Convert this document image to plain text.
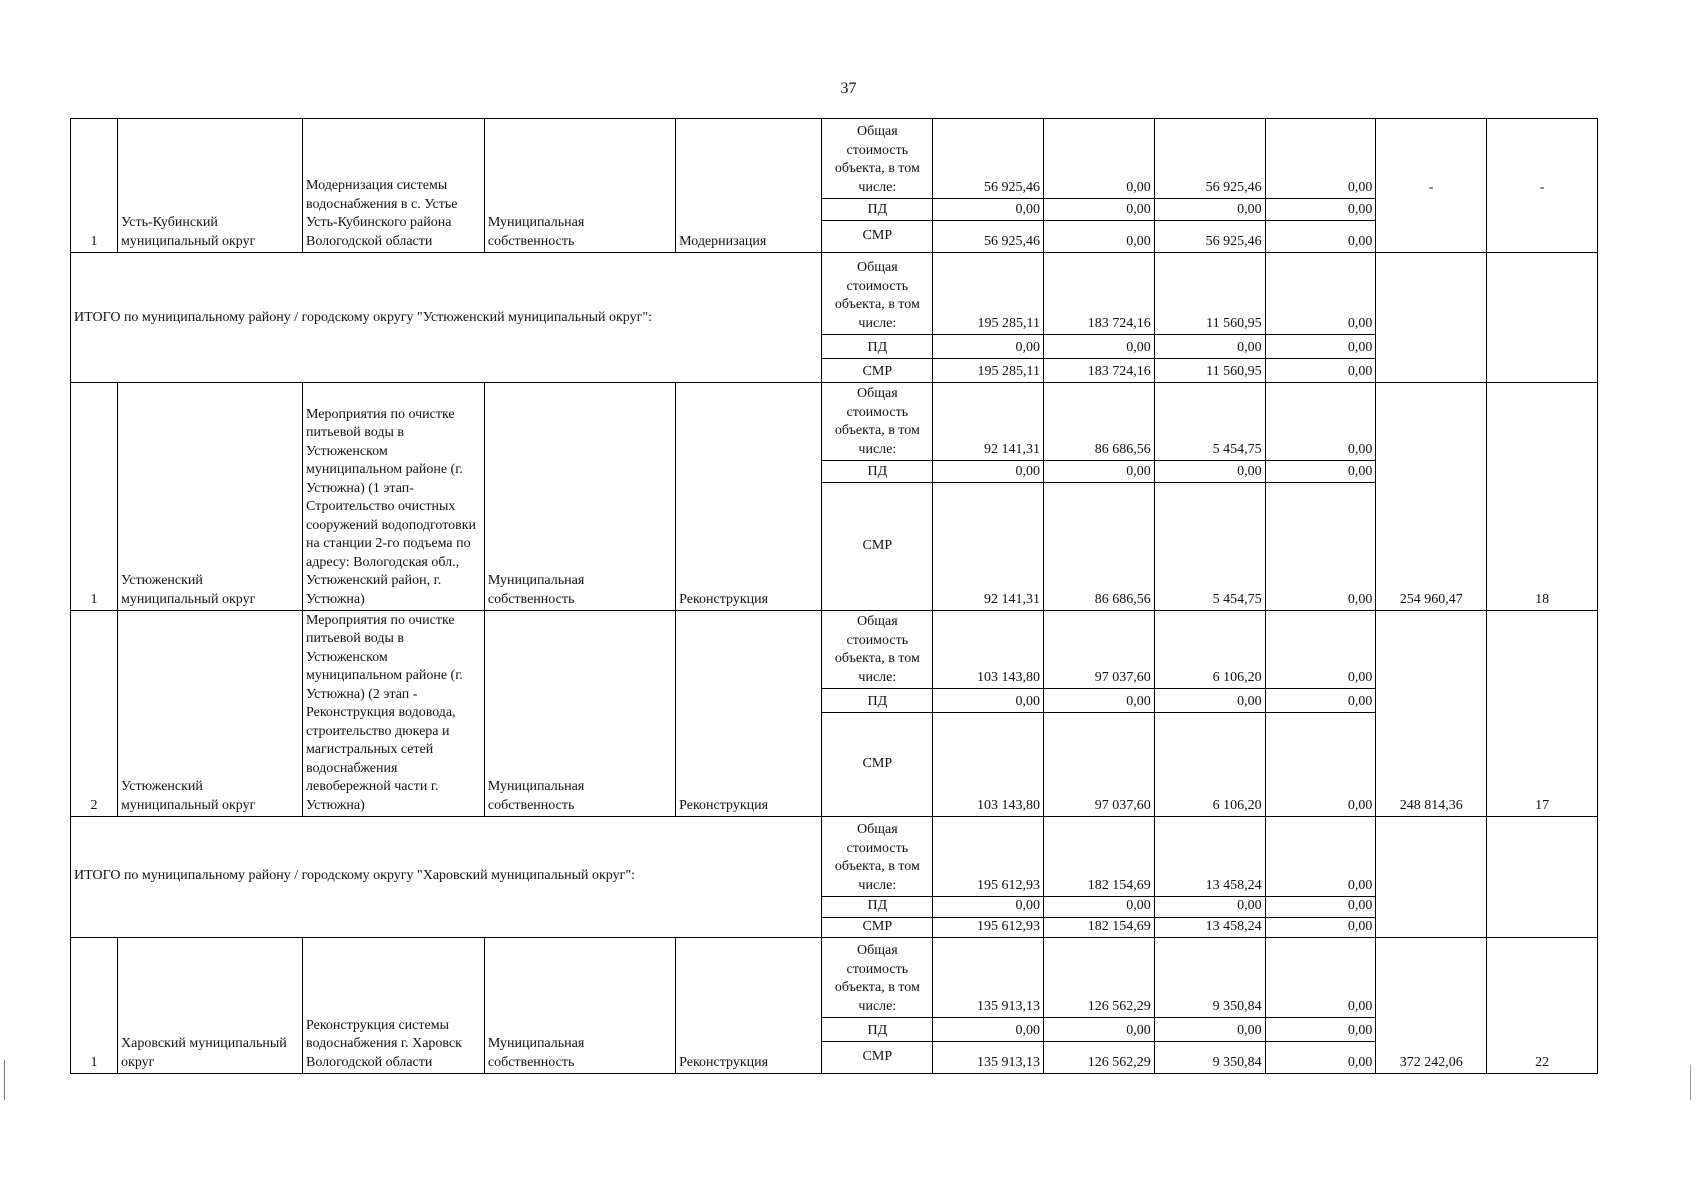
37
1	Усть-Кубинский муниципальный округ	Модернизация системы водоснабжения в с. Устье Усть-Кубинского района Вологодской области	Муниципальная собственность	Модернизация	Общая стоимость объекта, в том числе:	56 925,46	0,00	56 925,46	0,00	-	-
					ПД	0,00	0,00	0,00	0,00		
					СМР	56 925,46	0,00	56 925,46	0,00		
ИТОГО по муниципальному району / городскому округу "Устюженский муниципальный округ":					Общая стоимость объекта, в том числе:	195 285,11	183 724,16	11 560,95	0,00		
					ПД	0,00	0,00	0,00	0,00		
					СМР	195 285,11	183 724,16	11 560,95	0,00		
1	Устюженский муниципальный округ	Мероприятия по очистке питьевой воды в Устюженском муниципальном районе (г. Устюжна) (1 этап- Строительство очистных сооружений водоподготовки на станции 2-го подъема по адресу: Вологодская обл., Устюженский район, г. Устюжна)	Муниципальная собственность	Реконструкция	Общая стоимость объекта, в том числе:	92 141,31	86 686,56	5 454,75	0,00	254 960,47	18
					ПД	0,00	0,00	0,00	0,00		
					СМР	92 141,31	86 686,56	5 454,75	0,00		
2	Устюженский муниципальный округ	Мероприятия по очистке питьевой воды в Устюженском муниципальном районе (г. Устюжна) (2 этап - Реконструкция водовода, строительство дюкера и магистральных сетей водоснабжения левобережной части г. Устюжна)	Муниципальная собственность	Реконструкция	Общая стоимость объекта, в том числе:	103 143,80	97 037,60	6 106,20	0,00	248 814,36	17
					ПД	0,00	0,00	0,00	0,00		
					СМР	103 143,80	97 037,60	6 106,20	0,00		
ИТОГО по муниципальному району / городскому округу "Харовский муниципальный округ":					Общая стоимость объекта, в том числе:	195 612,93	182 154,69	13 458,24	0,00		
					ПД	0,00	0,00	0,00	0,00		
					СМР	195 612,93	182 154,69	13 458,24	0,00		
1	Харовский муниципальный округ	Реконструкция системы водоснабжения г. Харовск Вологодской области	Муниципальная собственность	Реконструкция	Общая стоимость объекта, в том числе:	135 913,13	126 562,29	9 350,84	0,00	372 242,06	22
					ПД	0,00	0,00	0,00	0,00		
					СМР	135 913,13	126 562,29	9 350,84	0,00		
